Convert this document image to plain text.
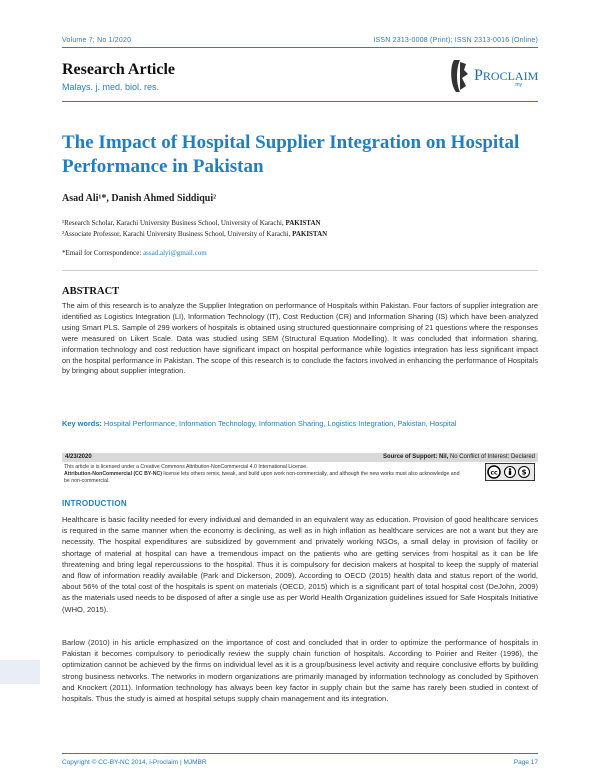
Volume 7; No 1/2020	ISSN 2313-0008 (Print); ISSN 2313-0016 (Online)
Research Article
Malays. j. med. biol. res.
PROCLAIM
.my
The Impact of Hospital Supplier Integration on Hospital Performance in Pakistan
Asad Ali¹*, Danish Ahmed Siddiqui²
¹Research Scholar, Karachi University Business School, University of Karachi, PAKISTAN
²Associate Professor, Karachi University Business School, University of Karachi, PAKISTAN
*Email for Correspondence: assad.alyi@gmail.com
ABSTRACT
The aim of this research is to analyze the Supplier Integration on performance of Hospitals within Pakistan. Four factors of supplier integration are identified as Logistics Integration (LI), Information Technology (IT), Cost Reduction (CR) and Information Sharing (IS) which have been analyzed using Smart PLS. Sample of 299 workers of hospitals is obtained using structured questionnaire comprising of 21 questions where the responses were measured on Likert Scale. Data was studied using SEM (Structural Equation Modelling). It was concluded that information sharing, information technology and cost reduction have significant impact on hospital performance while logistics integration has less significant impact on the hospital performance in Pakistan. The scope of this research is to conclude the factors involved in enhancing the performance of Hospitals by bringing about supplier integration.
Key words: Hospital Performance, Information Technology, Information Sharing, Logistics Integration, Pakistan, Hospital
4/23/2020	Source of Support: Nil, No Conflict of Interest: Declared
This article is is licensed under a Creative Commons Attribution-NonCommercial 4.0 International License.
Attribution-NonCommercial (CC BY-NC) license lets others remix, tweak, and build upon work non-commercially, and although the new works must also acknowledge and be non-commercial.
cc	$
INTRODUCTION
Healthcare is basic facility needed for every individual and demanded in an equivalent way as education. Provision of good healthcare services is required in the same manner when the economy is declining, as well as in high inflation as healthcare services are not a want but they are necessity. The hospital expenditures are subsidized by government and privately working NGOs, a small delay in provision of facility or shortage of material at hospital can have a tremendous impact on the patients who are getting services from hospital as it can be life threatening and bring legal repercussions to the hospital. Thus it is compulsory for decision makers at hospital to keep the supply of material and flow of information readily available (Park and Dickerson, 2009). According to OECD (2015) health data and status report of the world, about 56% of the total cost of the hospitals is spent on materials (OECD, 2015) which is a significant part of total hospital cost (DeJohn, 2009) as the materials used needs to be disposed of after a single use as per World Health Organization guidelines issued for Safe Hospitals Initiative (WHO, 2015).
Barlow (2010) in his article emphasized on the importance of cost and concluded that in order to optimize the performance of hospitals in Pakistan it becomes compulsory to periodically review the supply chain function of hospitals. According to Poirier and Reiter (1996), the optimization cannot be achieved by the firms on individual level as it is a group/business level activity and require conclusive efforts by building strong business networks. The networks in modern organizations are primarily managed by information technology as concluded by Spithoven and Knockert (2011). Information technology has always been key factor in supply chain but the same has rarely been studied in context of hospitals. Thus the study is aimed at hospital setups supply chain management and its integration.
Copyright © CC-BY-NC 2014, i-Proclaim | MJMBR	Page 17
